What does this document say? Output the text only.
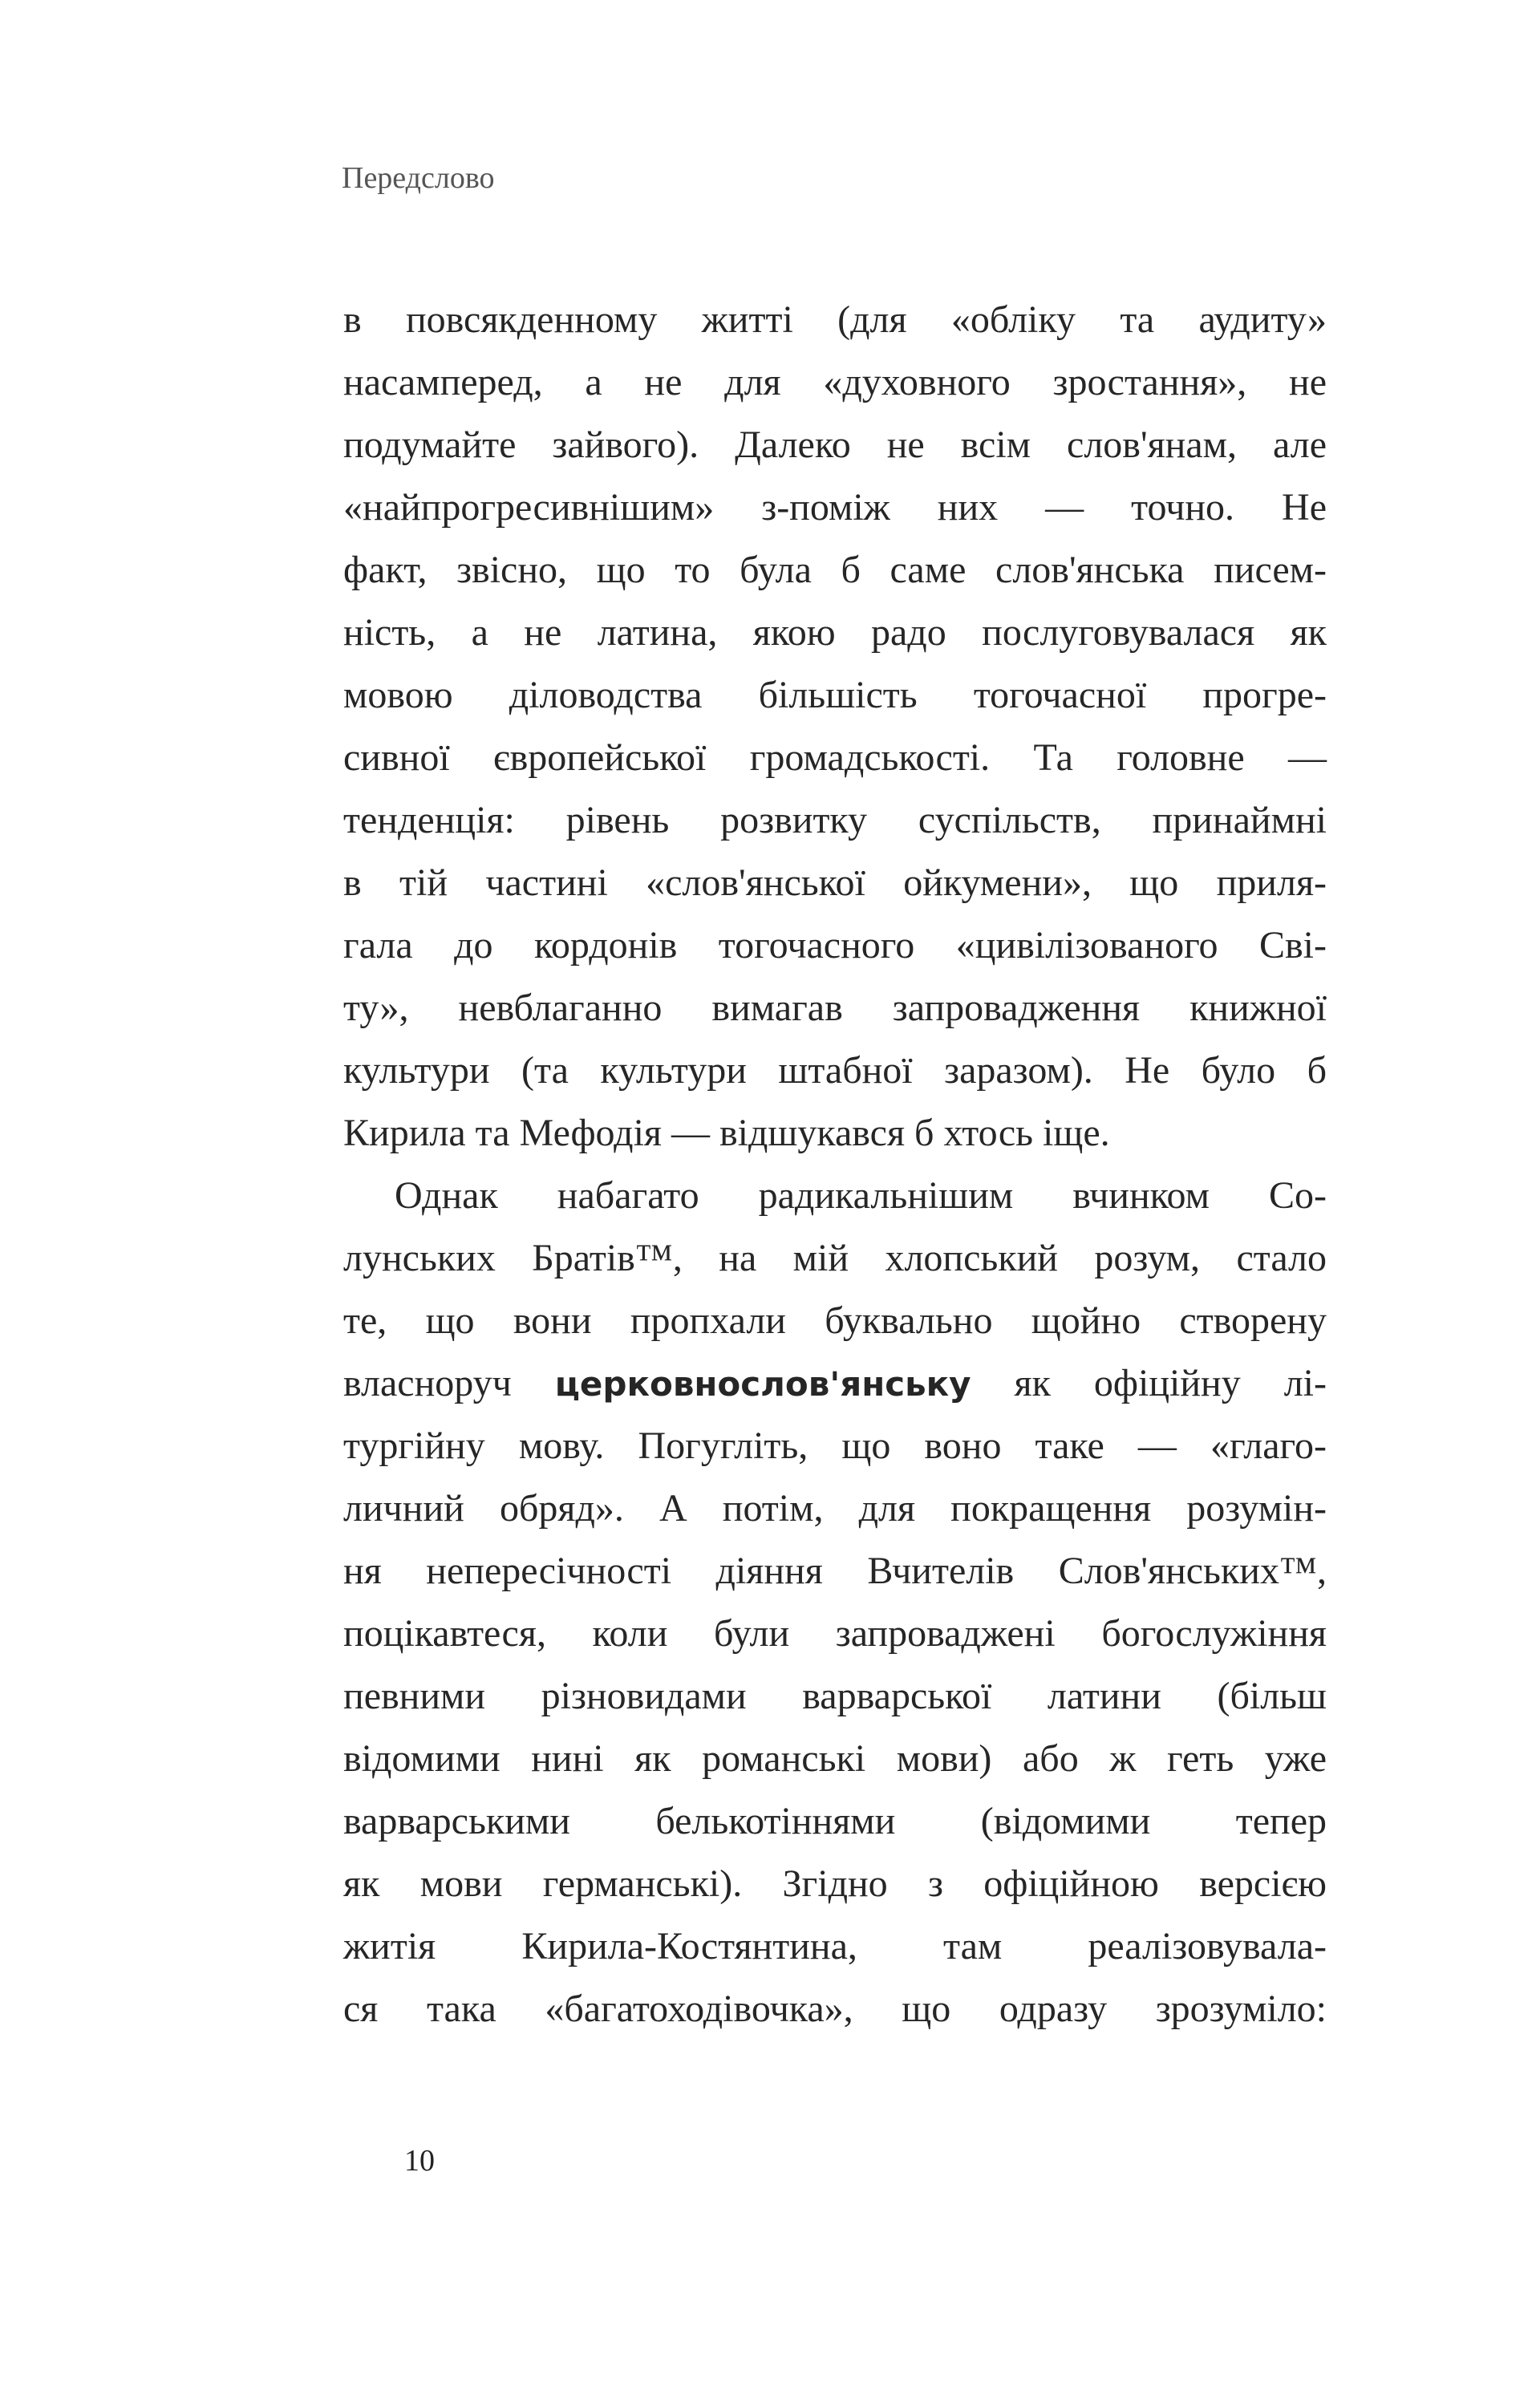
Передслово
в повсякденному житті (для «обліку та аудиту»
насамперед, а не для «духовного зростання», не
подумайте зайвого). Далеко не всім слов'янам, але
«найпрогресивнішим» з-поміж них — точно. Не
факт, звісно, що то була б саме слов'янська писем-
ність, а не латина, якою радо послуговувалася як
мовою діловодства більшість тогочасної прогре-
сивної європейської громадськості. Та головне —
тенденція: рівень розвитку суспільств, принаймні
в тій частині «слов'янської ойкумени», що приля-
гала до кордонів тогочасного «цивілізованого Сві-
ту», невблаганно вимагав запровадження книжної
культури (та культури штабної заразом). Не було б
Кирила та Мефодія — відшукався б хтось іще.
Однак набагато радикальнішим вчинком Со-
лунських Братів™, на мій хлопський розум, стало
те, що вони пропхали буквально щойно створену
власноруч церковнослов'янську як офіційну лі-
тургійну мову. Погугліть, що воно таке — «глаго-
личний обряд». А потім, для покращення розумін-
ня непересічності діяння Вчителів Слов'янських™,
поцікавтеся, коли були запроваджені богослужіння
певними різновидами варварської латини (більш
відомими нині як романські мови) або ж геть уже
варварськими белькотіннями (відомими тепер
як мови германські). Згідно з офіційною версією
житія Кирила-Костянтина, там реалізовувала-
ся така «багатоходівочка», що одразу зрозуміло:
10
